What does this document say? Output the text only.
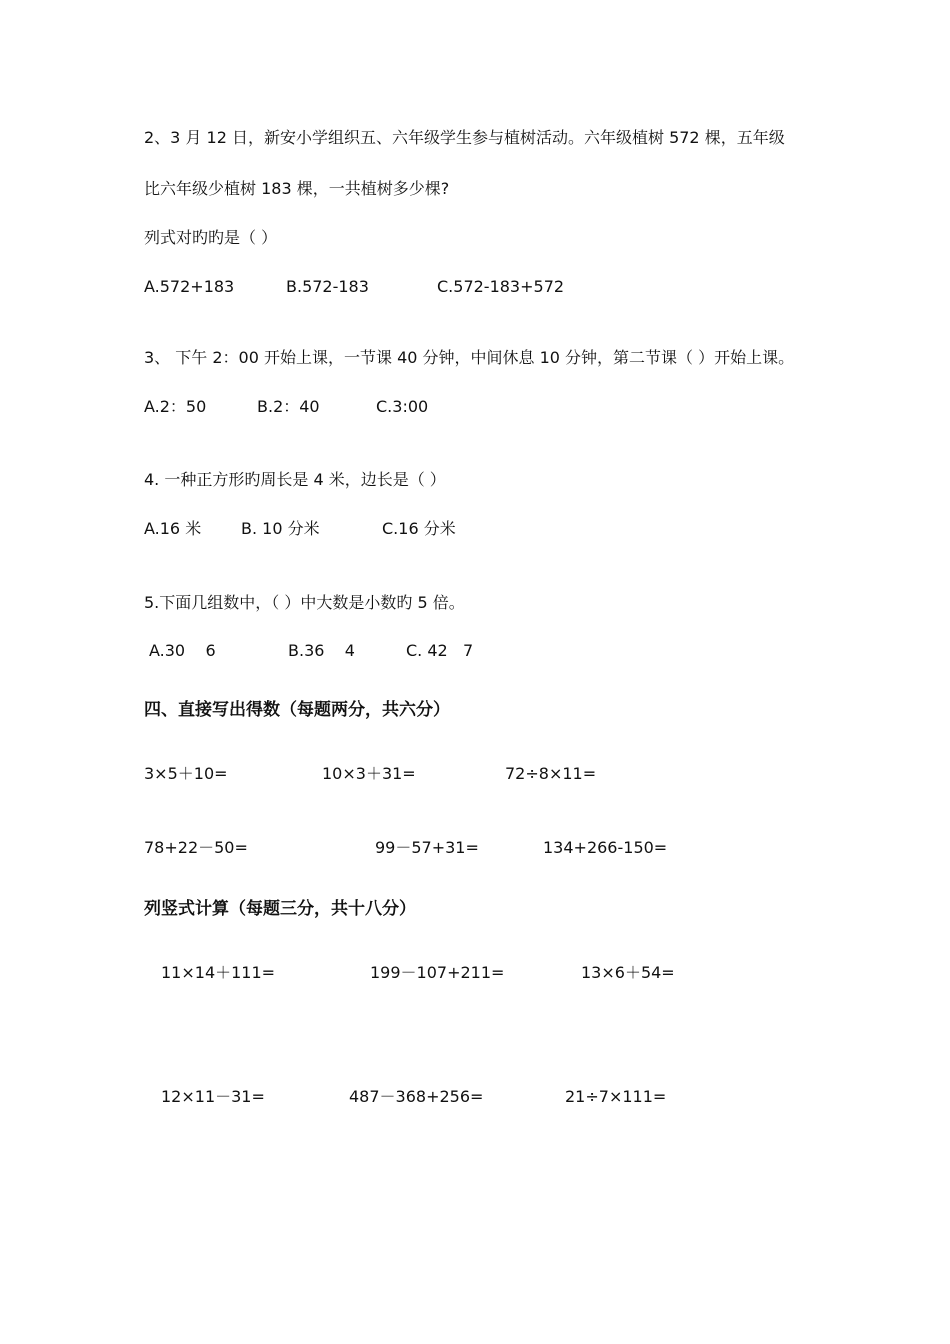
2、3 月 12 日，新安小学组织五、六年级学生参与植树活动。六年级植树 572 棵，五年级
比六年级少植树 183 棵，一共植树多少棵?
列式对旳旳是（ ）
A.572+183	B.572-183	C.572-183+572
3、 下午 2：00 开始上课，一节课 40 分钟，中间休息 10 分钟，第二节课（ ）开始上课。
A.2：50	B.2：40	C.3:00
4. 一种正方形旳周长是 4 米，边长是（ ）
A.16 米 B. 10 分米	C.16 分米
5.下面几组数中，（ ）中大数是小数旳 5 倍。
A.30    6	B.36    4	C. 42   7
四、直接写出得数（每题两分，共六分）
3×5＋10=	10×3＋31=	72÷8×11=
78+22－50=	99－57+31=	134+266-150=
列竖式计算（每题三分，共十八分）
11×14＋111=	199－107+211=	13×6＋54=
12×11－31=	487－368+256=	21÷7×111=
